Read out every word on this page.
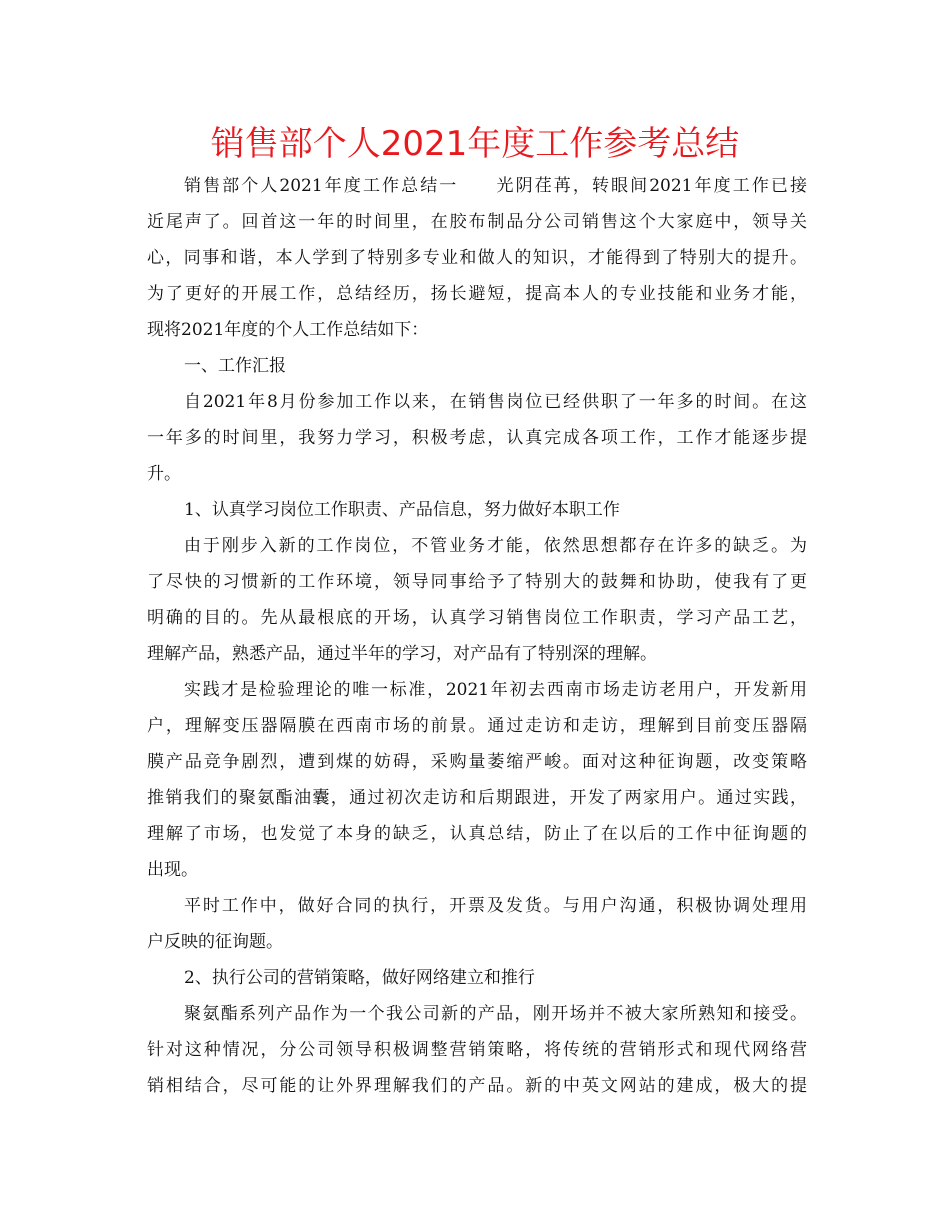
销售部个人2021年度工作参考总结
销售部个人2021年度工作总结一　　光阴荏苒，转眼间2021年度工作已接
近尾声了。回首这一年的时间里，在胶布制品分公司销售这个大家庭中，领导关
心，同事和谐，本人学到了特别多专业和做人的知识，才能得到了特别大的提升。
为了更好的开展工作，总结经历，扬长避短，提高本人的专业技能和业务才能，
现将2021年度的个人工作总结如下：
一、工作汇报
自2021年8月份参加工作以来，在销售岗位已经供职了一年多的时间。在这
一年多的时间里，我努力学习，积极考虑，认真完成各项工作，工作才能逐步提
升。
1、认真学习岗位工作职责、产品信息，努力做好本职工作
由于刚步入新的工作岗位，不管业务才能，依然思想都存在许多的缺乏。为
了尽快的习惯新的工作环境，领导同事给予了特别大的鼓舞和协助，使我有了更
明确的目的。先从最根底的开场，认真学习销售岗位工作职责，学习产品工艺，
理解产品，熟悉产品，通过半年的学习，对产品有了特别深的理解。
实践才是检验理论的唯一标准，2021年初去西南市场走访老用户，开发新用
户，理解变压器隔膜在西南市场的前景。通过走访和走访，理解到目前变压器隔
膜产品竞争剧烈，遭到煤的妨碍，采购量萎缩严峻。面对这种征询题，改变策略
推销我们的聚氨酯油囊，通过初次走访和后期跟进，开发了两家用户。通过实践，
理解了市场，也发觉了本身的缺乏，认真总结，防止了在以后的工作中征询题的
出现。
平时工作中，做好合同的执行，开票及发货。与用户沟通，积极协调处理用
户反映的征询题。
2、执行公司的营销策略，做好网络建立和推行
聚氨酯系列产品作为一个我公司新的产品，刚开场并不被大家所熟知和接受。
针对这种情况，分公司领导积极调整营销策略，将传统的营销形式和现代网络营
销相结合，尽可能的让外界理解我们的产品。新的中英文网站的建成，极大的提
